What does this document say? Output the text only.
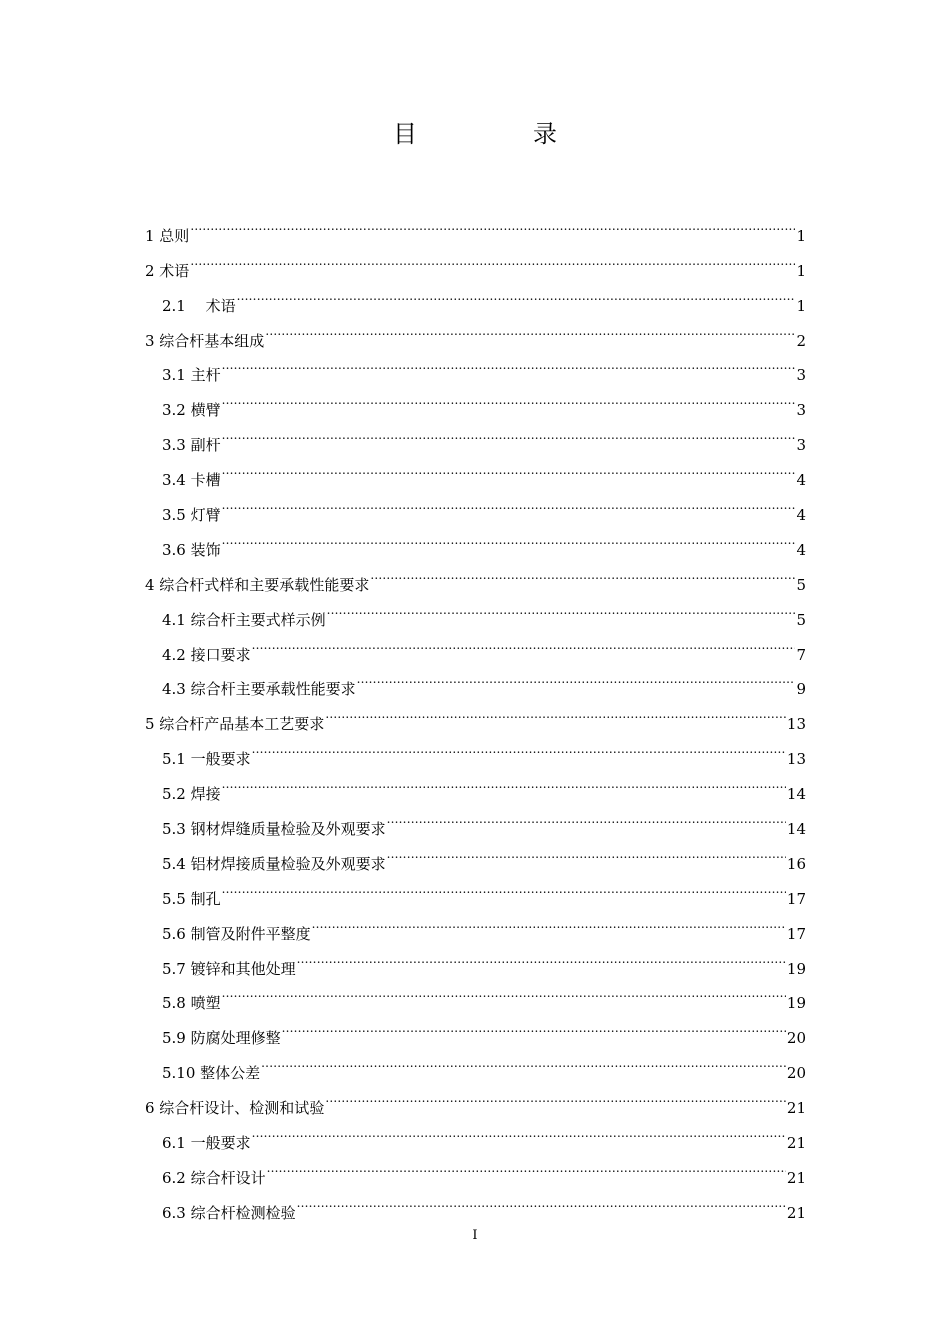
目　录
1 总则 .....	1
2 术语 .....	1
2.1　 术语 .....	1
3 综合杆基本组成 .....	2
3.1 主杆 .....	3
3.2 横臂 .....	3
3.3 副杆 .....	3
3.4 卡槽 .....	4
3.5 灯臂 .....	4
3.6 装饰 .....	4
4 综合杆式样和主要承载性能要求 .....	5
4.1 综合杆主要式样示例 .....	5
4.2 接口要求 .....	7
4.3 综合杆主要承载性能要求 .....	9
5 综合杆产品基本工艺要求 .....	13
5.1 一般要求 .....	13
5.2 焊接 .....	14
5.3 钢材焊缝质量检验及外观要求 .....	14
5.4 铝材焊接质量检验及外观要求 .....	16
5.5 制孔 .....	17
5.6 制管及附件平整度 .....	17
5.7 镀锌和其他处理 .....	19
5.8 喷塑 .....	19
5.9 防腐处理修整 .....	20
5.10 整体公差 .....	20
6 综合杆设计、检测和试验 .....	21
6.1 一般要求 .....	21
6.2 综合杆设计 .....	21
6.3 综合杆检测检验 .....	21
I
